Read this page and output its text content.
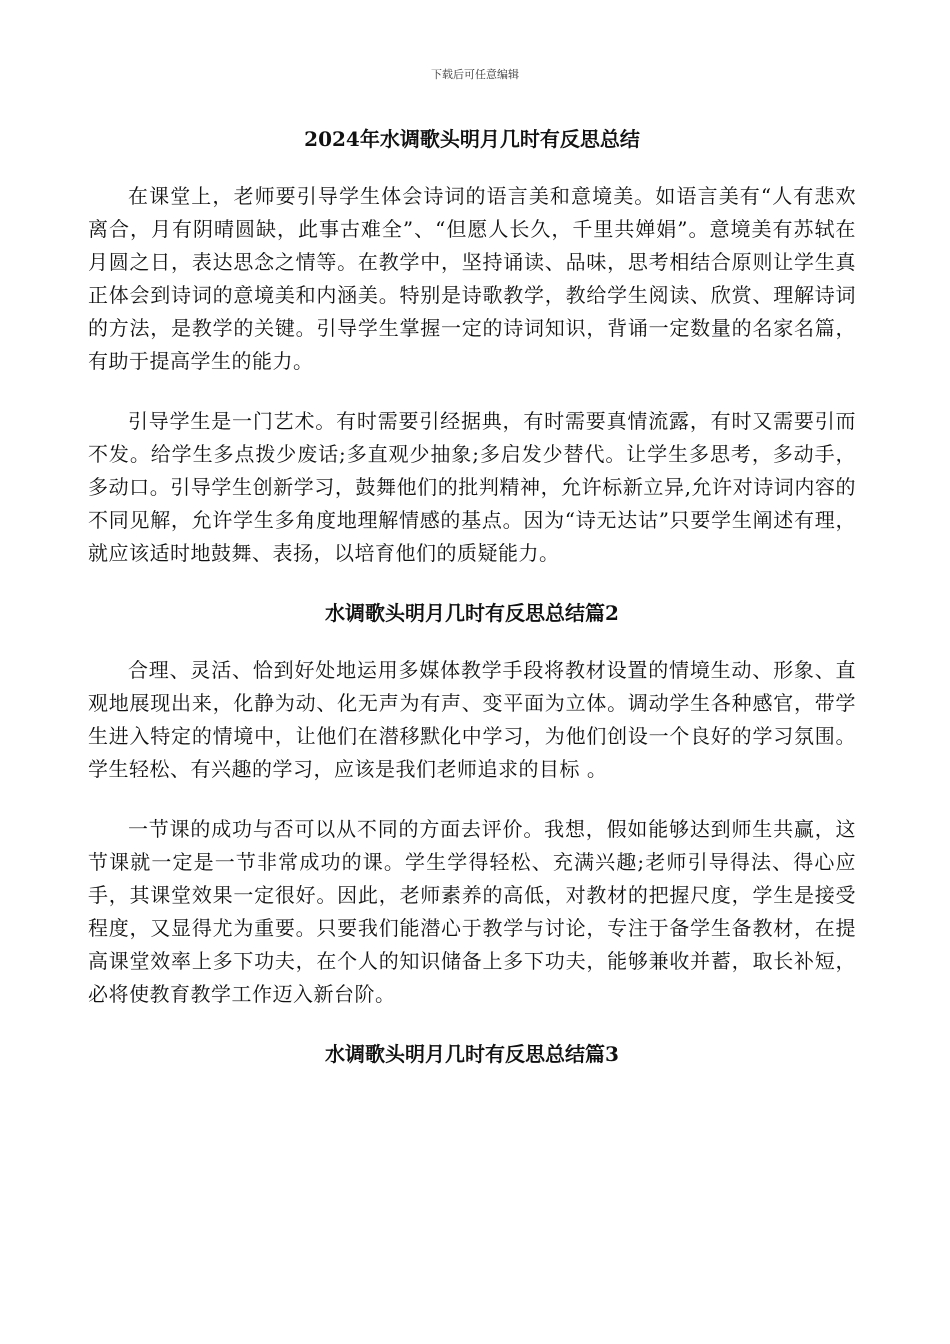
下载后可任意编辑
2024年水调歌头明月几时有反思总结

在课堂上，老师要引导学生体会诗词的语言美和意境美。如语言美有“人有悲欢离合，月有阴晴圆缺，此事古难全”、“但愿人长久，千里共婵娟”。意境美有苏轼在月圆之日，表达思念之情等。在教学中，坚持诵读、品味，思考相结合原则让学生真正体会到诗词的意境美和内涵美。特别是诗歌教学，教给学生阅读、欣赏、理解诗词的方法，是教学的关键。引导学生掌握一定的诗词知识，背诵一定数量的名家名篇，有助于提高学生的能力。

引导学生是一门艺术。有时需要引经据典，有时需要真情流露，有时又需要引而不发。给学生多点拨少废话;多直观少抽象;多启发少替代。让学生多思考，多动手，多动口。引导学生创新学习，鼓舞他们的批判精神，允许标新立异,允许对诗词内容的不同见解，允许学生多角度地理解情感的基点。因为“诗无达诂”只要学生阐述有理，就应该适时地鼓舞、表扬，以培育他们的质疑能力。

水调歌头明月几时有反思总结篇2

合理、灵活、恰到好处地运用多媒体教学手段将教材设置的情境生动、形象、直观地展现出来，化静为动、化无声为有声、变平面为立体。调动学生各种感官，带学生进入特定的情境中，让他们在潜移默化中学习，为他们创设一个良好的学习氛围。学生轻松、有兴趣的学习，应该是我们老师追求的目标 。

一节课的成功与否可以从不同的方面去评价。我想，假如能够达到师生共赢，这节课就一定是一节非常成功的课。学生学得轻松、充满兴趣;老师引导得法、得心应手，其课堂效果一定很好。因此，老师素养的高低，对教材的把握尺度，学生是接受程度，又显得尤为重要。只要我们能潜心于教学与讨论，专注于备学生备教材，在提高课堂效率上多下功夫，在个人的知识储备上多下功夫，能够兼收并蓄，取长补短，必将使教育教学工作迈入新台阶。

水调歌头明月几时有反思总结篇3
